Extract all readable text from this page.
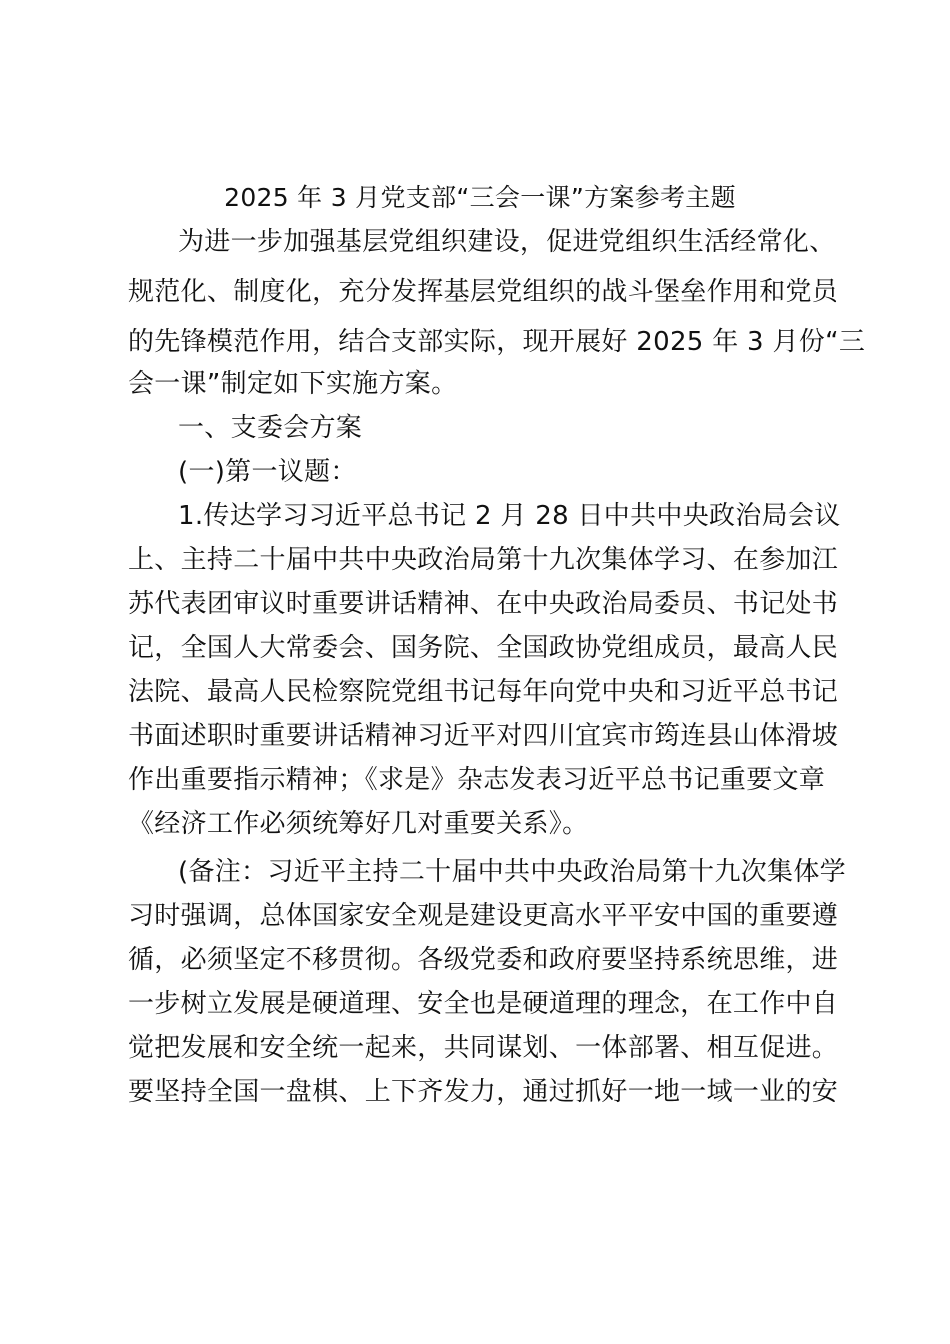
2025 年 3 月党支部“三会一课”方案参考主题
为进一步加强基层党组织建设，促进党组织生活经常化、
规范化、制度化，充分发挥基层党组织的战斗堡垒作用和党员
的先锋模范作用，结合支部实际，现开展好 2025 年 3 月份“三
会一课”制定如下实施方案。
一、支委会方案
(一)第一议题：
1.传达学习习近平总书记 2 月 28 日中共中央政治局会议
上、主持二十届中共中央政治局第十九次集体学习、在参加江
苏代表团审议时重要讲话精神、在中央政治局委员、书记处书
记，全国人大常委会、国务院、全国政协党组成员，最高人民
法院、最高人民检察院党组书记每年向党中央和习近平总书记
书面述职时重要讲话精神习近平对四川宜宾市筠连县山体滑坡
作出重要指示精神；《求是》杂志发表习近平总书记重要文章
《经济工作必须统筹好几对重要关系》。
(备注：习近平主持二十届中共中央政治局第十九次集体学
习时强调，总体国家安全观是建设更高水平平安中国的重要遵
循，必须坚定不移贯彻。各级党委和政府要坚持系统思维，进
一步树立发展是硬道理、安全也是硬道理的理念，在工作中自
觉把发展和安全统一起来，共同谋划、一体部署、相互促进。
要坚持全国一盘棋、上下齐发力，通过抓好一地一域一业的安
